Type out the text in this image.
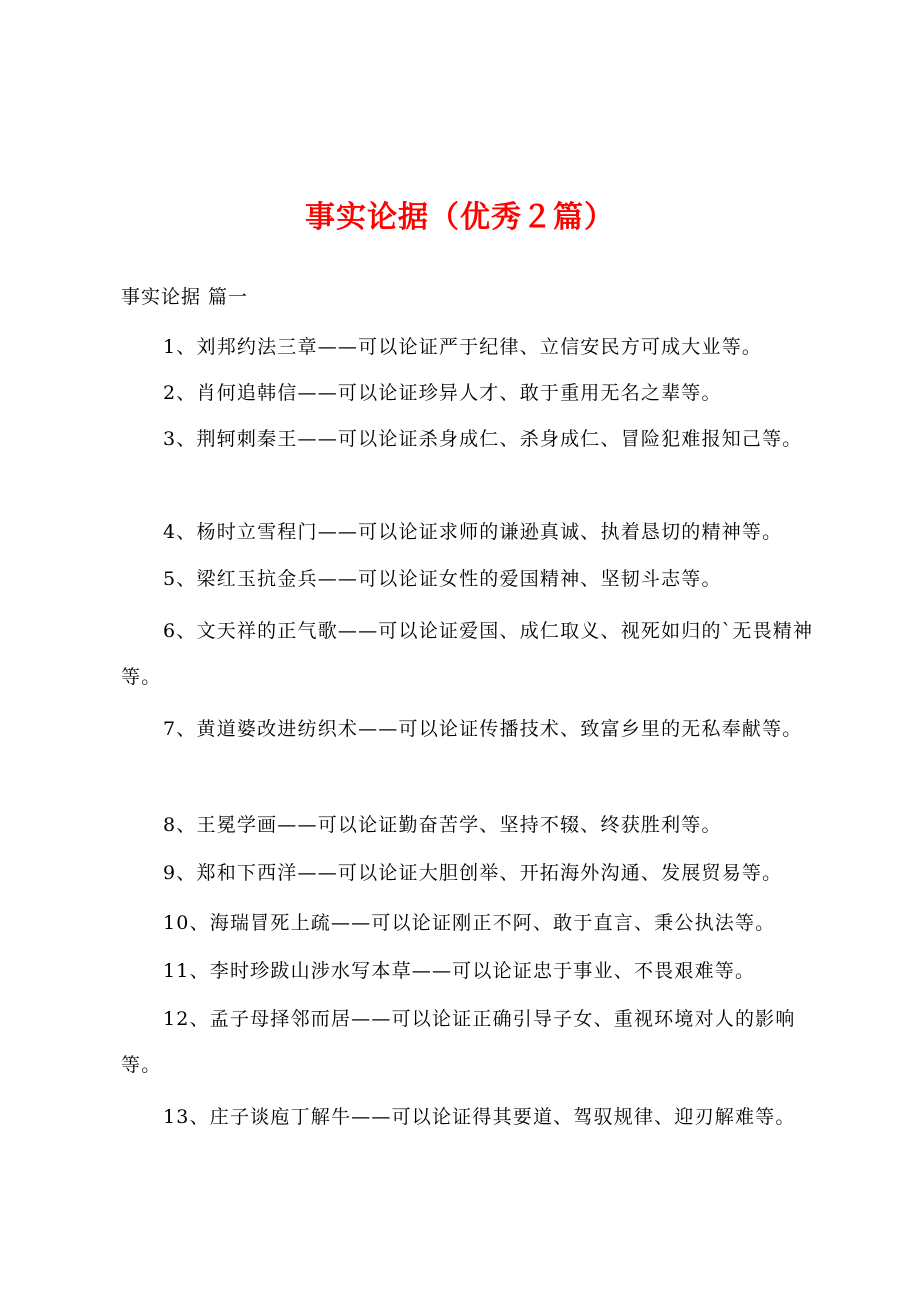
事实论据（优秀２篇）
事实论据 篇一

1、刘邦约法三章——可以论证严于纪律、立信安民方可成大业等。

2、肖何追韩信——可以论证珍异人才、敢于重用无名之辈等。

3、荆轲刺秦王——可以论证杀身成仁、杀身成仁、冒险犯难报知己等。

4、杨时立雪程门——可以论证求师的谦逊真诚、执着恳切的精神等。

5、梁红玉抗金兵——可以论证女性的爱国精神、坚韧斗志等。

6、文天祥的正气歌——可以论证爱国、成仁取义、视死如归的`无畏精神等。

7、黄道婆改进纺织术——可以论证传播技术、致富乡里的无私奉献等。

8、王冕学画——可以论证勤奋苦学、坚持不辍、终获胜利等。

9、郑和下西洋——可以论证大胆创举、开拓海外沟通、发展贸易等。

10、海瑞冒死上疏——可以论证刚正不阿、敢于直言、秉公执法等。

11、李时珍跋山涉水写本草——可以论证忠于事业、不畏艰难等。

12、孟子母择邻而居——可以论证正确引导子女、重视环境对人的影响等。

13、庄子谈庖丁解牛——可以论证得其要道、驾驭规律、迎刃解难等。
